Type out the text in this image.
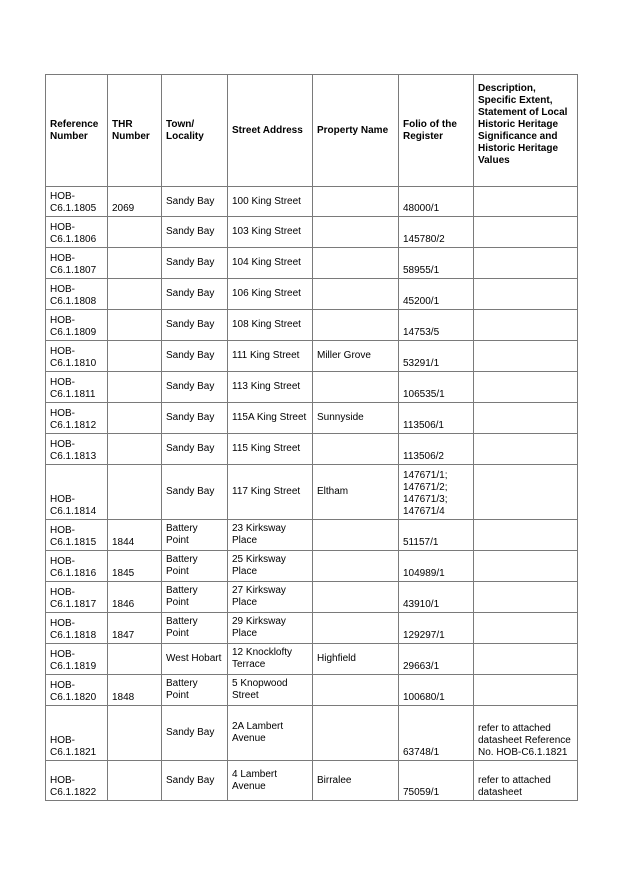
Reference Number	THR Number	Town/ Locality	Street Address	Property Name	Folio of the Register	Description, Specific Extent, Statement of Local Historic Heritage Significance and Historic Heritage Values
HOB-C6.1.1805	2069	Sandy Bay	100 King Street		48000/1	
HOB-C6.1.1806		Sandy Bay	103 King Street		145780/2	
HOB-C6.1.1807		Sandy Bay	104 King Street		58955/1	
HOB-C6.1.1808		Sandy Bay	106 King Street		45200/1	
HOB-C6.1.1809		Sandy Bay	108 King Street		14753/5	
HOB-C6.1.1810		Sandy Bay	111 King Street	Miller Grove	53291/1	
HOB-C6.1.1811		Sandy Bay	113 King Street		106535/1	
HOB-C6.1.1812		Sandy Bay	115A King Street	Sunnyside	113506/1	
HOB-C6.1.1813		Sandy Bay	115 King Street		113506/2	
HOB-C6.1.1814		Sandy Bay	117 King Street	Eltham	147671/1; 147671/2; 147671/3; 147671/4	
HOB-C6.1.1815	1844	Battery Point	23 Kirksway Place		51157/1	
HOB-C6.1.1816	1845	Battery Point	25 Kirksway Place		104989/1	
HOB-C6.1.1817	1846	Battery Point	27 Kirksway Place		43910/1	
HOB-C6.1.1818	1847	Battery Point	29 Kirksway Place		129297/1	
HOB-C6.1.1819		West Hobart	12 Knocklofty Terrace	Highfield	29663/1	
HOB-C6.1.1820	1848	Battery Point	5 Knopwood Street		100680/1	
HOB-C6.1.1821		Sandy Bay	2A Lambert Avenue		63748/1	refer to attached datasheet Reference No. HOB-C6.1.1821
HOB-C6.1.1822		Sandy Bay	4 Lambert Avenue	Birralee	75059/1	refer to attached datasheet
